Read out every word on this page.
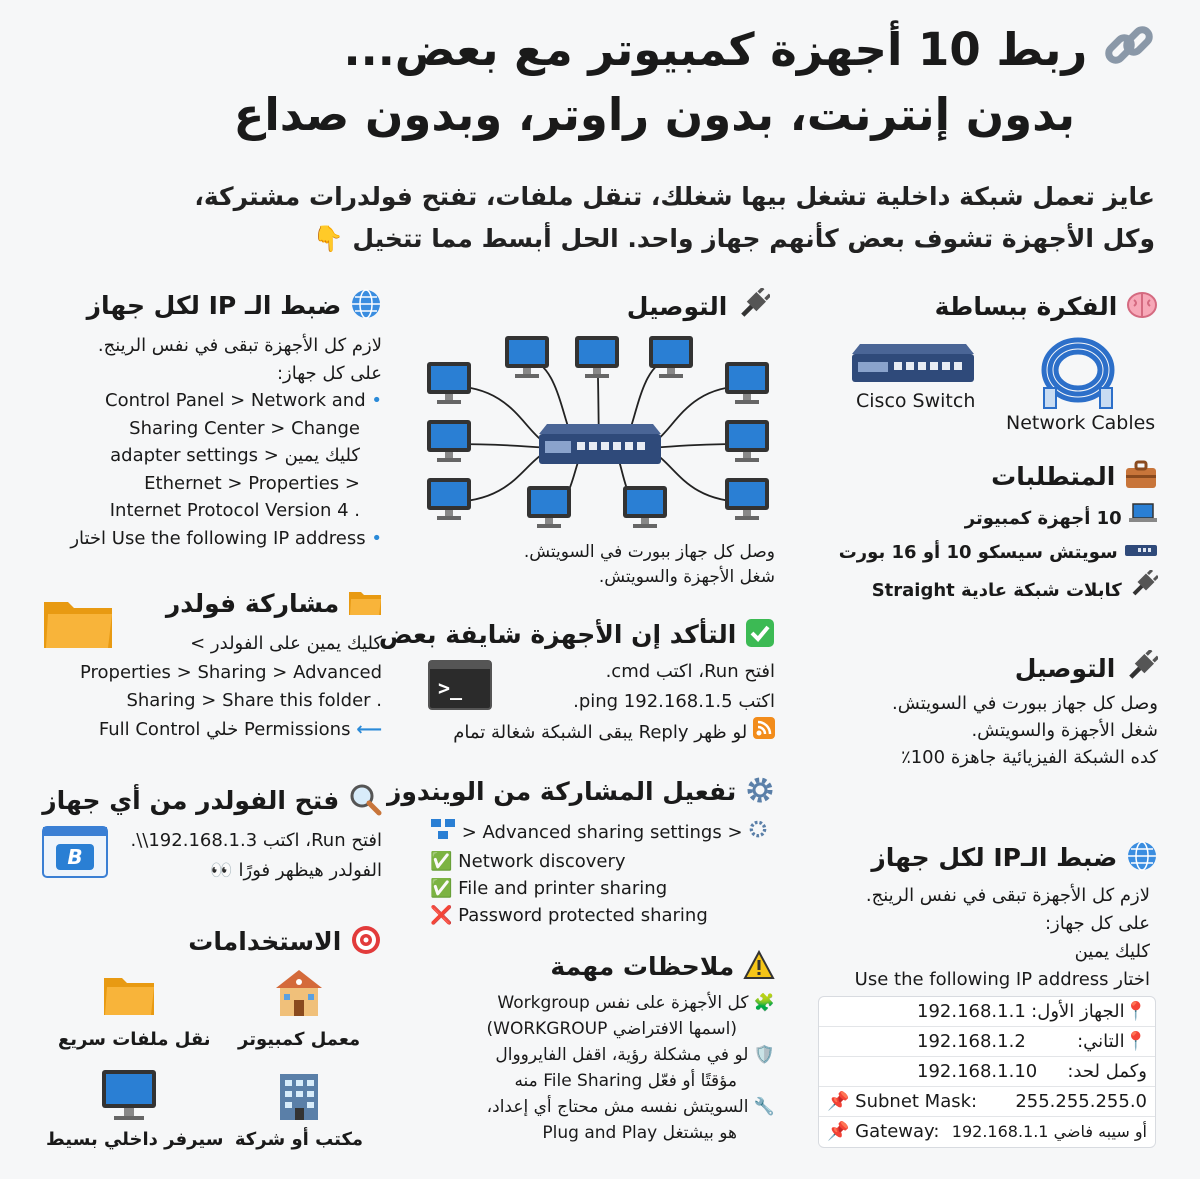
ربط 10 أجهزة كمبيوتر مع بعض...
بدون إنترنت، بدون راوتر، وبدون صداع
عايز تعمل شبكة داخلية تشغل بيها شغلك، تنقل ملفات، تفتح فولدرات مشتركة،
وكل الأجهزة تشوف بعض كأنهم جهاز واحد. الحل أبسط مما تتخيل 👇
الفكرة ببساطة
Cisco Switch
Network Cables
المتطلبات
10 أجهزة كمبيوتر
سويتش سيسكو 10 أو 16 بورت
كابلات شبكة عادية Straight
التوصيل
وصل كل جهاز ببورت في السويتش.
شغل الأجهزة والسويتش.
كده الشبكة الفيزيائية جاهزة 100٪
ضبط الـIP لكل جهاز
لازم كل الأجهزة تبقى في نفس الرينج.
على كل جهاز:
كليك يمين
اختار Use the following IP address
📍الجهاز الأول:
192.168.1.1
📍التاني:
192.168.1.2
وكمل لحد:
192.168.1.10
📌 Subnet Mask: 255.255.255.0
📌 Gateway: 192.168.1.1 أو سيبه فاضي
التوصيل
وصل كل جهاز ببورت في السويتش.
شغل الأجهزة والسويتش.
التأكد إن الأجهزة شايفة بعض
>_
افتح Run، اكتب cmd.
اكتب ping 192.168.1.5.
لو ظهر Reply يبقى الشبكة شغالة تمام
تفعيل المشاركة من الويندوز
> Advanced sharing settings >
✅ Network discovery
✅ File and printer sharing
❌ Password protected sharing
ملاحظات مهمة
🧩 كل الأجهزة على نفس Workgroup
(اسمها الافتراضي WORKGROUP)
🛡️ لو في مشكلة رؤية، اقفل الفايرووال
مؤقتًا أو فعّل File Sharing منه
🔧 السويتش نفسه مش محتاج أي إعداد،
هو بيشتغل Plug and Play
ضبط الـ IP لكل جهاز
لازم كل الأجهزة تبقى في نفس الرينج.
على كل جهاز:
Control Panel > Network and •
Sharing Center > Change
adapter settings > كليك يمين
Ethernet > Properties >
Internet Protocol Version 4 .
اختار Use the following IP address •
مشاركة فولدر
كليك يمين على الفولدر >
Properties > Sharing > Advanced
Sharing > Share this folder .
⟵ Permissions خلي Full Control
فتح الفولدر من أي جهاز
B
افتح Run، اكتب 192.168.1.3\\.
الفولدر هيظهر فورًا 👀
الاستخدامات
معمل كمبيوتر
نقل ملفات سريع
مكتب أو شركة
سيرفر داخلي بسيط
